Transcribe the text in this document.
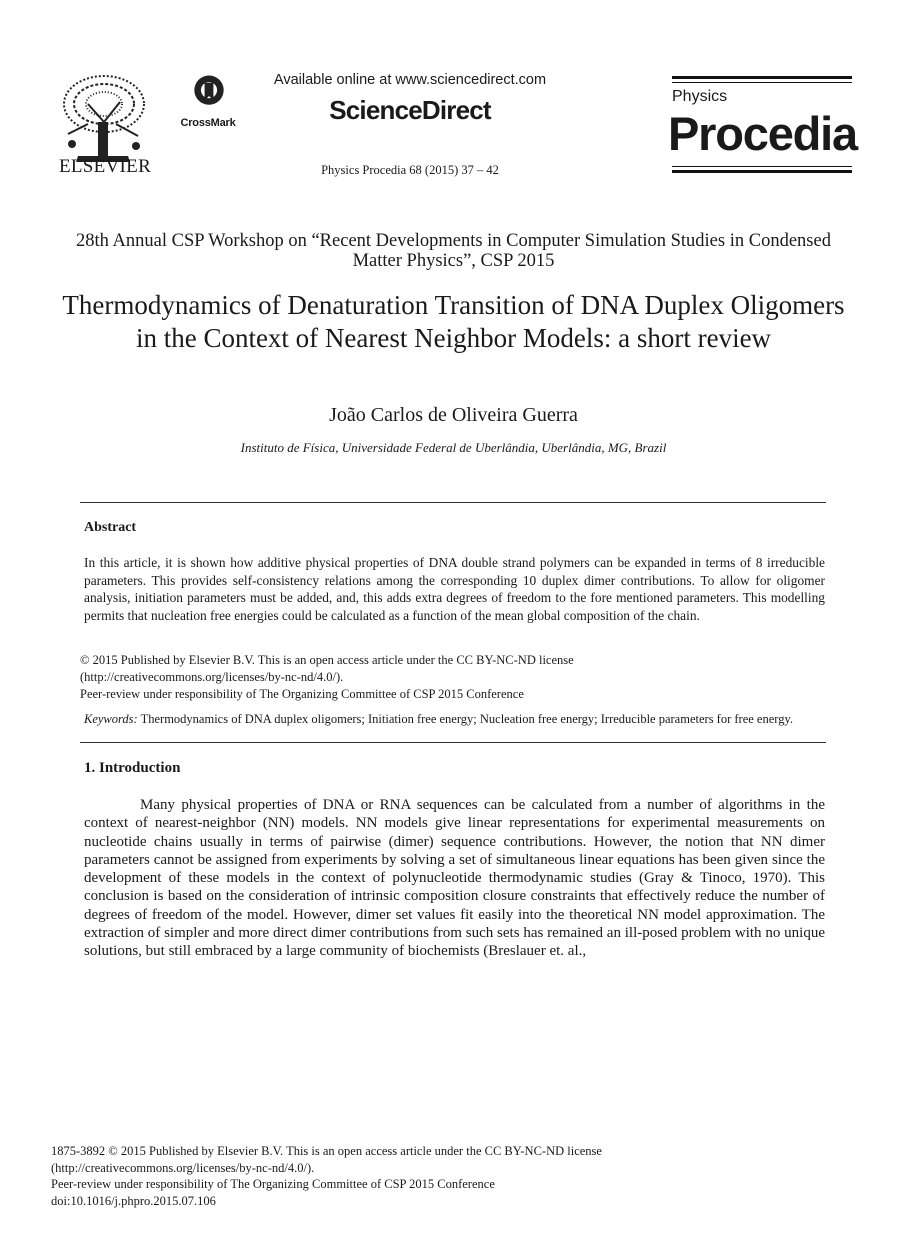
ELSEVIER
CrossMark
Available online at www.sciencedirect.com
ScienceDirect
Physics Procedia 68 (2015) 37 – 42
Physics
Procedia
28th Annual CSP Workshop on “Recent Developments in Computer Simulation Studies in Condensed Matter Physics”, CSP 2015
Thermodynamics of Denaturation Transition of DNA Duplex Oligomers in the Context of Nearest Neighbor Models: a short review
João Carlos de Oliveira Guerra
Instituto de Física, Universidade Federal de Uberlândia, Uberlândia, MG, Brazil
Abstract
In this article, it is shown how additive physical properties of DNA double strand polymers can be expanded in terms of 8 irreducible parameters. This provides self-consistency relations among the corresponding 10 duplex dimer contributions. To allow for oligomer analysis, initiation parameters must be added, and, this adds extra degrees of freedom to the fore mentioned parameters. This modelling permits that nucleation free energies could be calculated as a function of the mean global composition of the chain.
© 2015 Published by Elsevier B.V. This is an open access article under the CC BY-NC-ND license
(http://creativecommons.org/licenses/by-nc-nd/4.0/).
Peer-review under responsibility of The Organizing Committee of CSP 2015 Conference
Keywords: Thermodynamics of DNA duplex oligomers; Initiation free energy; Nucleation free energy; Irreducible parameters for free energy.
1. Introduction

Many physical properties of DNA or RNA sequences can be calculated from a number of algorithms in the context of nearest-neighbor (NN) models. NN models give linear representations for experimental measurements on nucleotide chains usually in terms of pairwise (dimer) sequence contributions. However, the notion that NN dimer parameters cannot be assigned from experiments by solving a set of simultaneous linear equations has been given since the development of these models in the context of polynucleotide thermodynamic studies (Gray & Tinoco, 1970). This conclusion is based on the consideration of intrinsic composition closure constraints that effectively reduce the number of degrees of freedom of the model. However, dimer set values fit easily into the theoretical NN model approximation. The extraction of simpler and more direct dimer contributions from such sets has remained an ill-posed problem with no unique solutions, but still embraced by a large community of biochemists (Breslauer et. al.,

1875-3892 © 2015 Published by Elsevier B.V. This is an open access article under the CC BY-NC-ND license
(http://creativecommons.org/licenses/by-nc-nd/4.0/).
Peer-review under responsibility of The Organizing Committee of CSP 2015 Conference
doi:10.1016/j.phpro.2015.07.106
